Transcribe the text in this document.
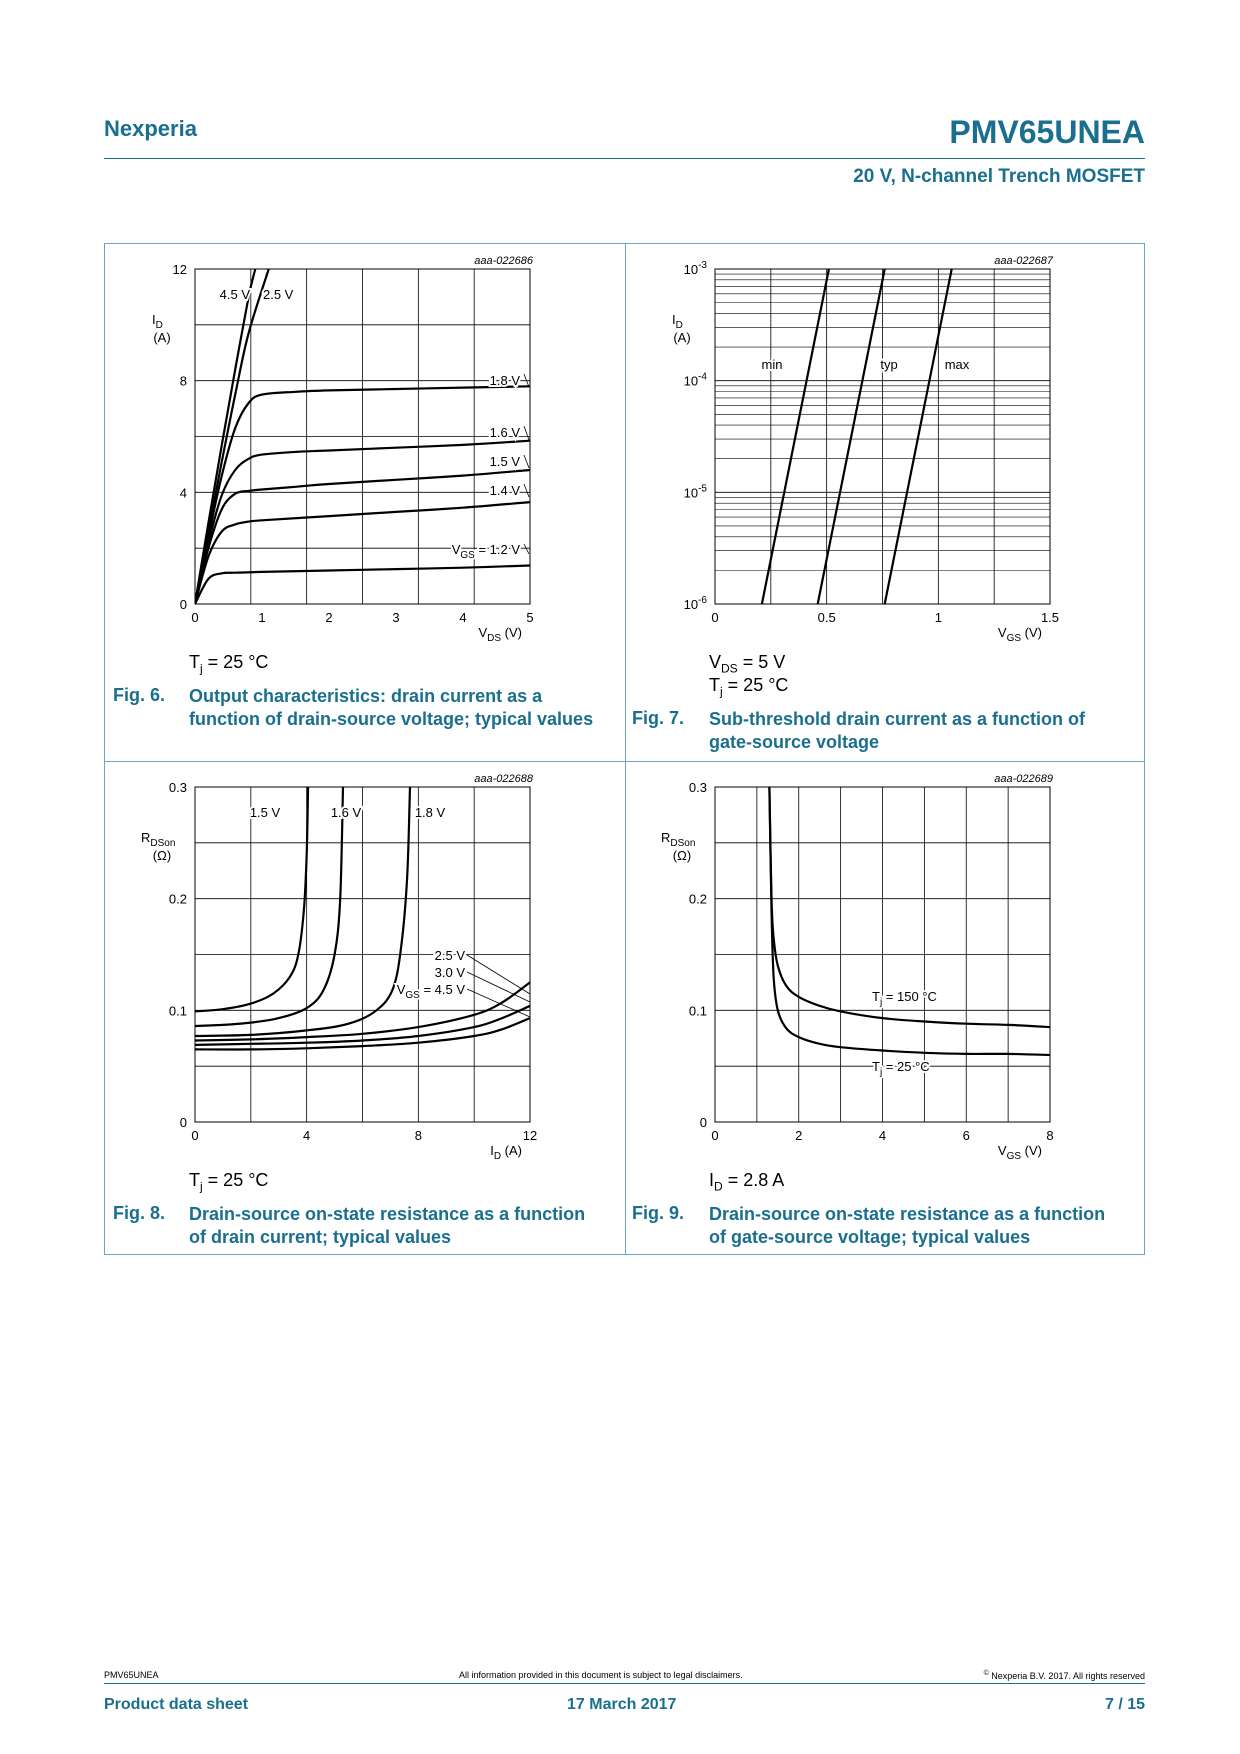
Nexperia	PMV65UNEA
20 V, N-channel Trench MOSFET
aaa-022686
0	1	2	3	4	5
0
4
8
12
$V_{DS}$ (V)
$I_D$
(A)
4.5 V 2.5 V
1.8 V
1.6 V
1.5 V
1.4 V
$V_{GS} = 1.2$ V
$T_j = 25$ °C
Fig. 6. Output characteristics: drain current as a
function of drain-source voltage; typical values
aaa-022687
0	0.5	1	1.5
$10^{-6}$
$10^{-5}$
$10^{-4}$
$10^{-3}$
$V_{GS}$ (V)
$I_D$
(A)
min	typ	max
$V_{DS} = 5$ V
$T_j = 25$ °C
Fig. 7. Sub-threshold drain current as a function of
gate-source voltage
aaa-022688
0	4	8	12
0
0.1
0.2
0.3
$I_D$ (A)
$R_{DSon}$
(Ω)
1.5 V	1.6 V	1.8 V
2.5 V
3.0 V
$V_{GS} = 4.5$ V
$T_j = 25$ °C
Fig. 8. Drain-source on-state resistance as a function
of drain current; typical values
aaa-022689
0	2	4	6	8
0
0.1
0.2
0.3
$V_{GS}$ (V)
$R_{DSon}$
(Ω)
$T_j = 150$ °C
$T_j = 25$ °C
$I_D = 2.8$ A
Fig. 9. Drain-source on-state resistance as a function
of gate-source voltage; typical values
PMV65UNEA	All information provided in this document is subject to legal disclaimers.	© Nexperia B.V. 2017. All rights reserved
Product data sheet	17 March 2017	7 / 15
